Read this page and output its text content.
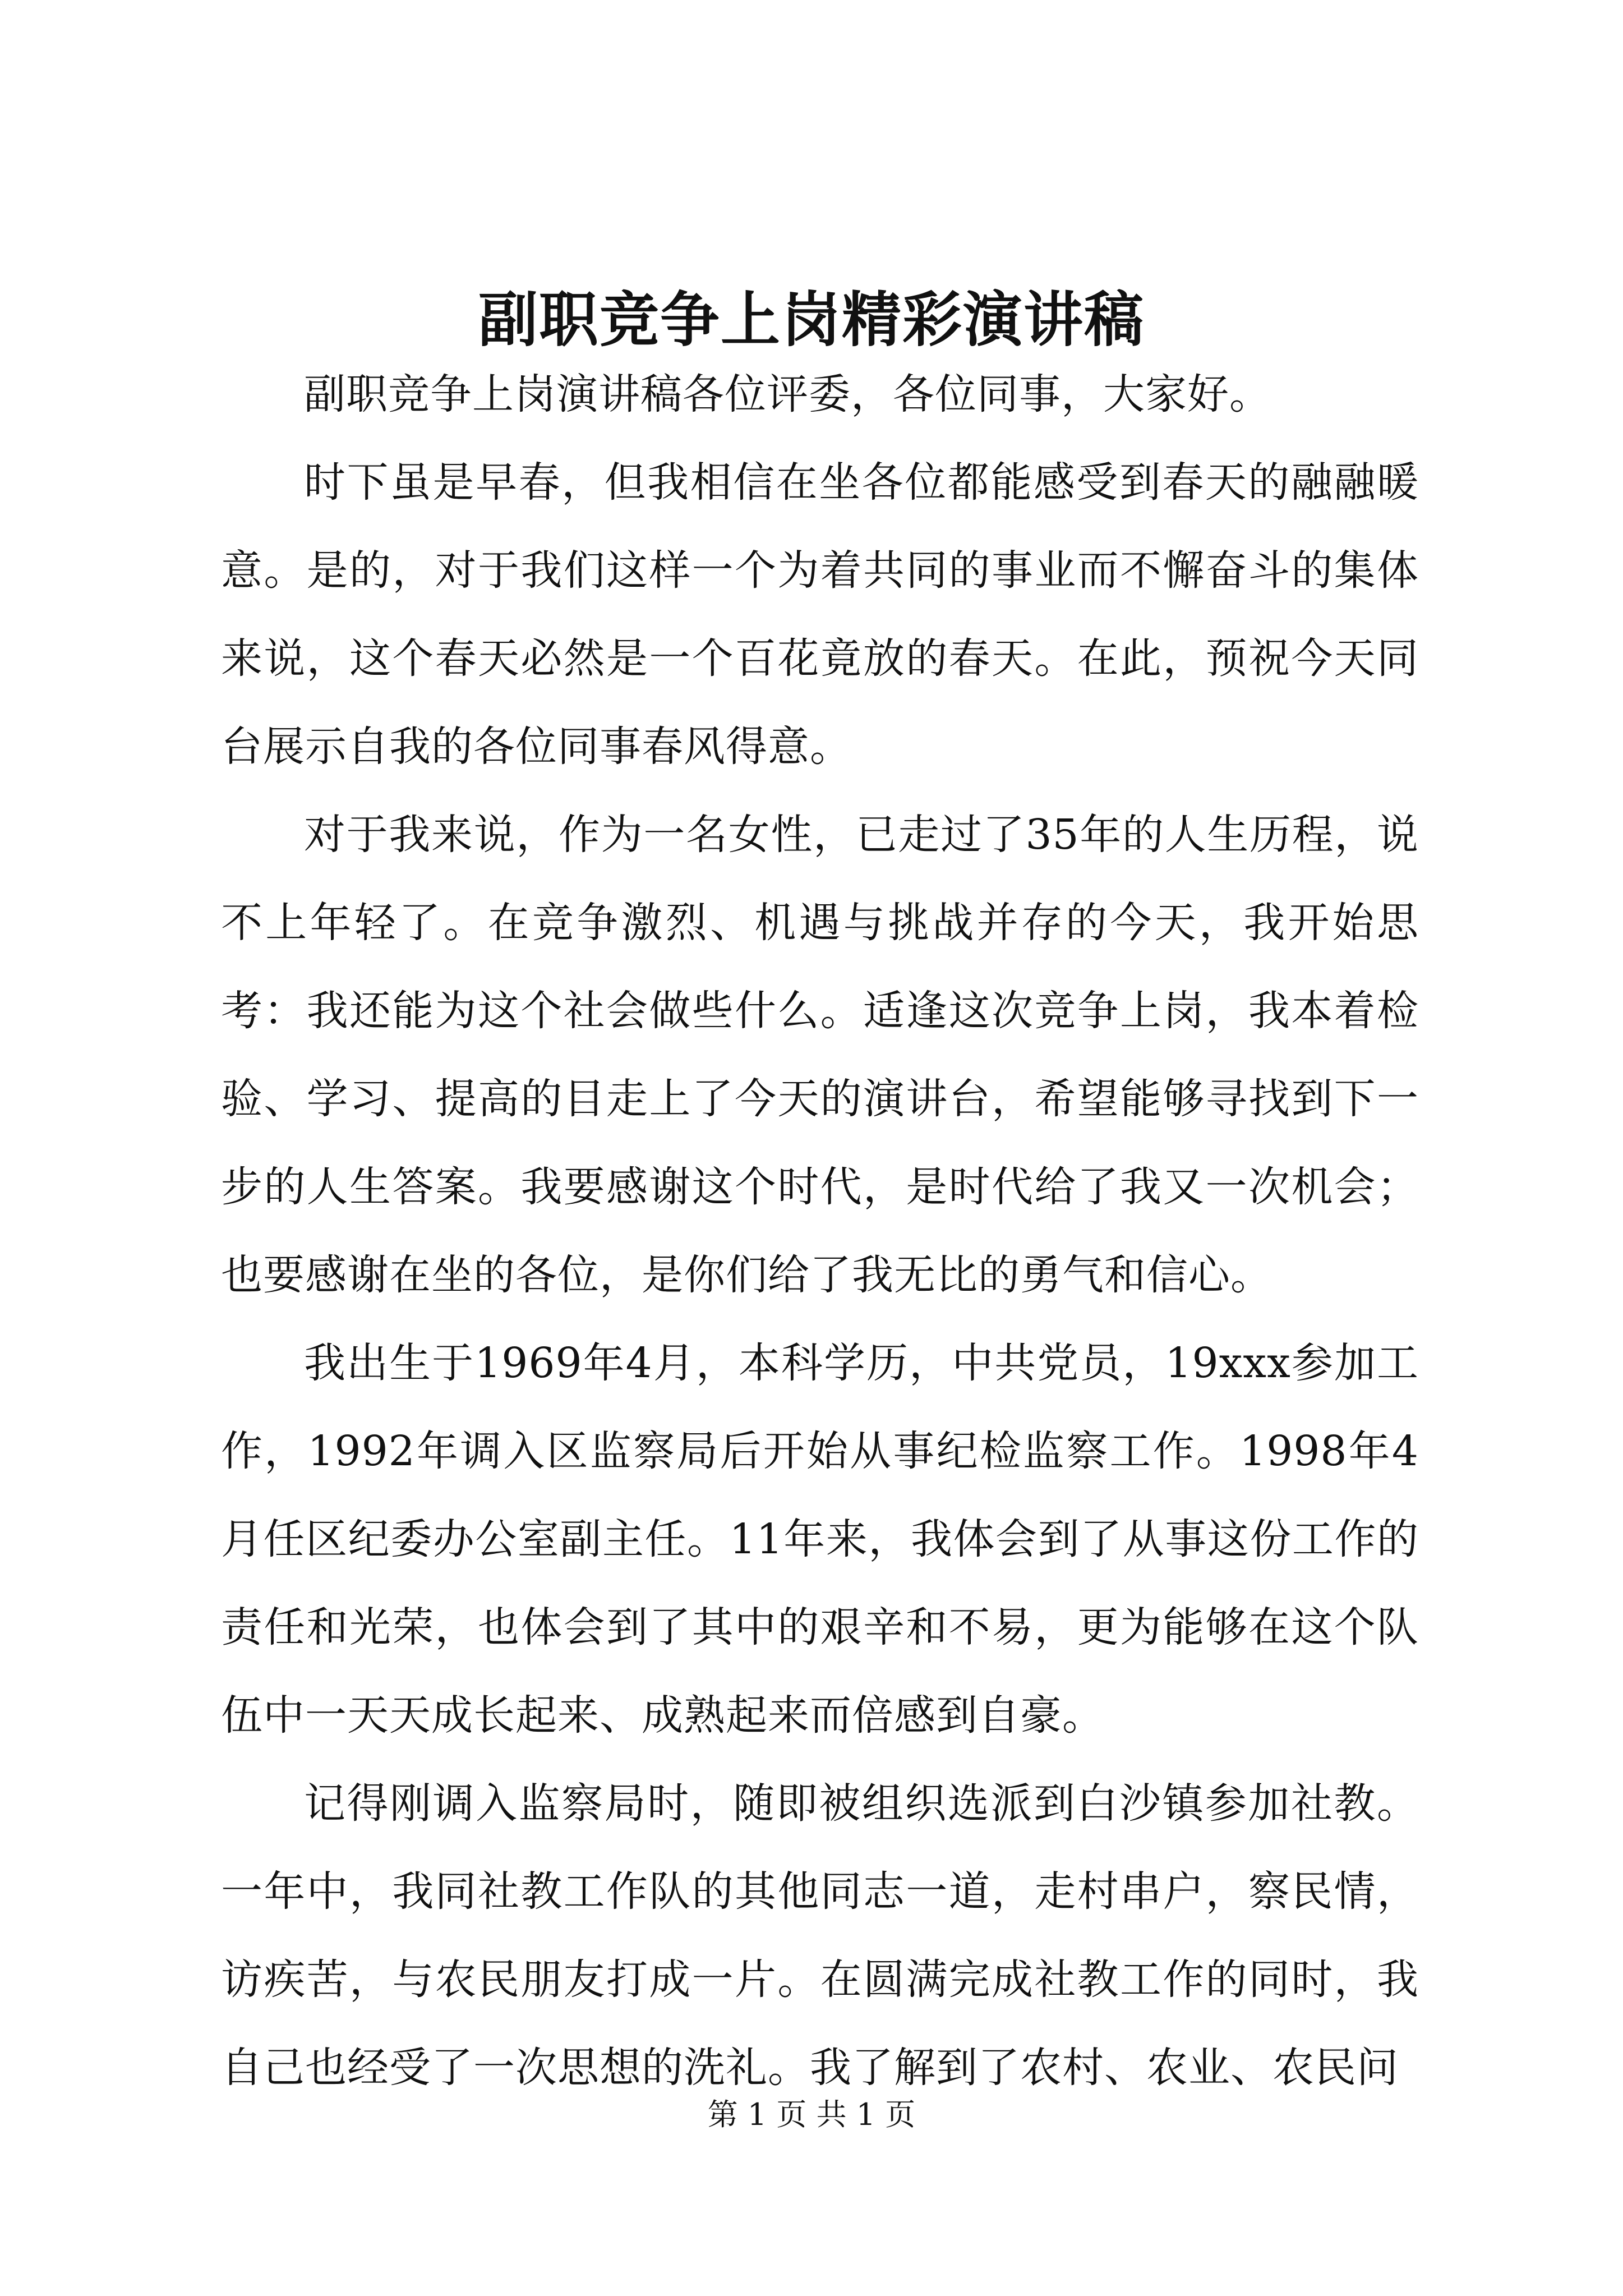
副职竞争上岗精彩演讲稿

副职竞争上岗演讲稿各位评委，各位同事，大家好。

时下虽是早春，但我相信在坐各位都能感受到春天的融融暖意。是的，对于我们这样一个为着共同的事业而不懈奋斗的集体来说，这个春天必然是一个百花竟放的春天。在此，预祝今天同台展示自我的各位同事春风得意。

对于我来说，作为一名女性，已走过了35年的人生历程，说不上年轻了。在竞争激烈、机遇与挑战并存的今天，我开始思考：我还能为这个社会做些什么。适逢这次竞争上岗，我本着检验、学习、提高的目走上了今天的演讲台，希望能够寻找到下一步的人生答案。我要感谢这个时代，是时代给了我又一次机会；也要感谢在坐的各位，是你们给了我无比的勇气和信心。

我出生于1969年4月，本科学历，中共党员，19xxx参加工作，1992年调入区监察局后开始从事纪检监察工作。1998年4月任区纪委办公室副主任。11年来，我体会到了从事这份工作的责任和光荣，也体会到了其中的艰辛和不易，更为能够在这个队伍中一天天成长起来、成熟起来而倍感到自豪。

记得刚调入监察局时，随即被组织选派到白沙镇参加社教。一年中，我同社教工作队的其他同志一道，走村串户，察民情，访疾苦，与农民朋友打成一片。在圆满完成社教工作的同时，我自己也经受了一次思想的洗礼。我了解到了农村、农业、农民问

第 1 页 共 1 页
